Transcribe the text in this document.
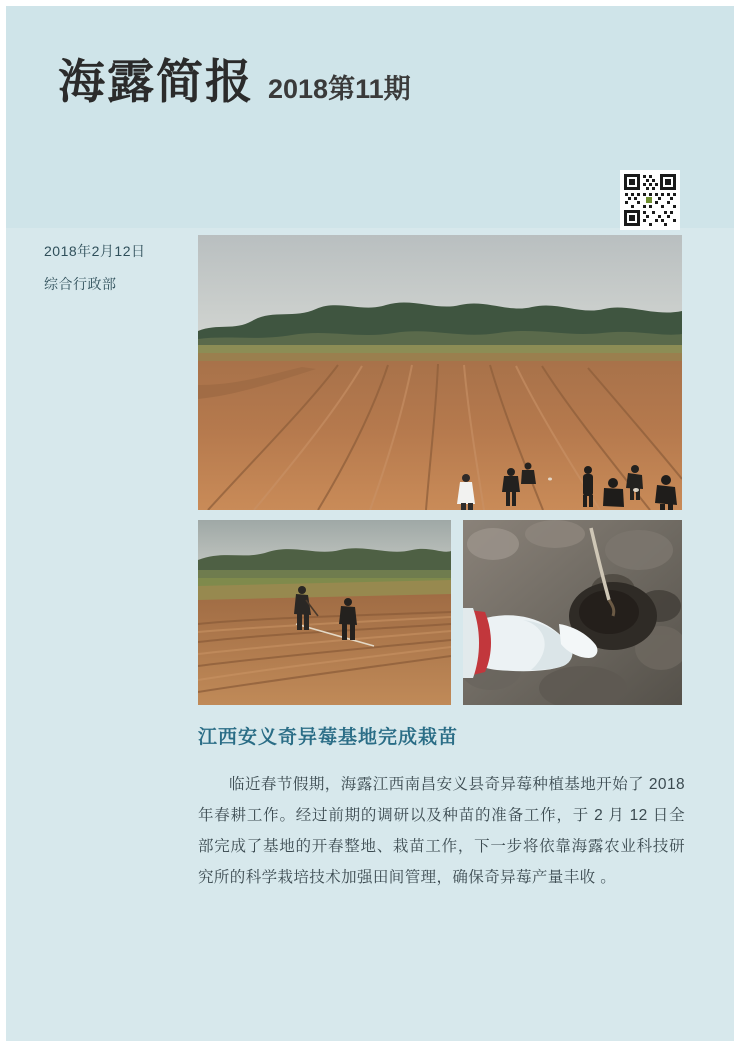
海露简报 2018第11期
2018年2月12日
综合行政部
江西安义奇异莓基地完成栽苗

临近春节假期，海露江西南昌安义县奇异莓种植基地开始了 2018 年春耕工作。经过前期的调研以及种苗的准备工作，于 2 月 12 日全部完成了基地的开春整地、栽苗工作，下一步将依靠海露农业科技研究所的科学栽培技术加强田间管理，确保奇异莓产量丰收 。
